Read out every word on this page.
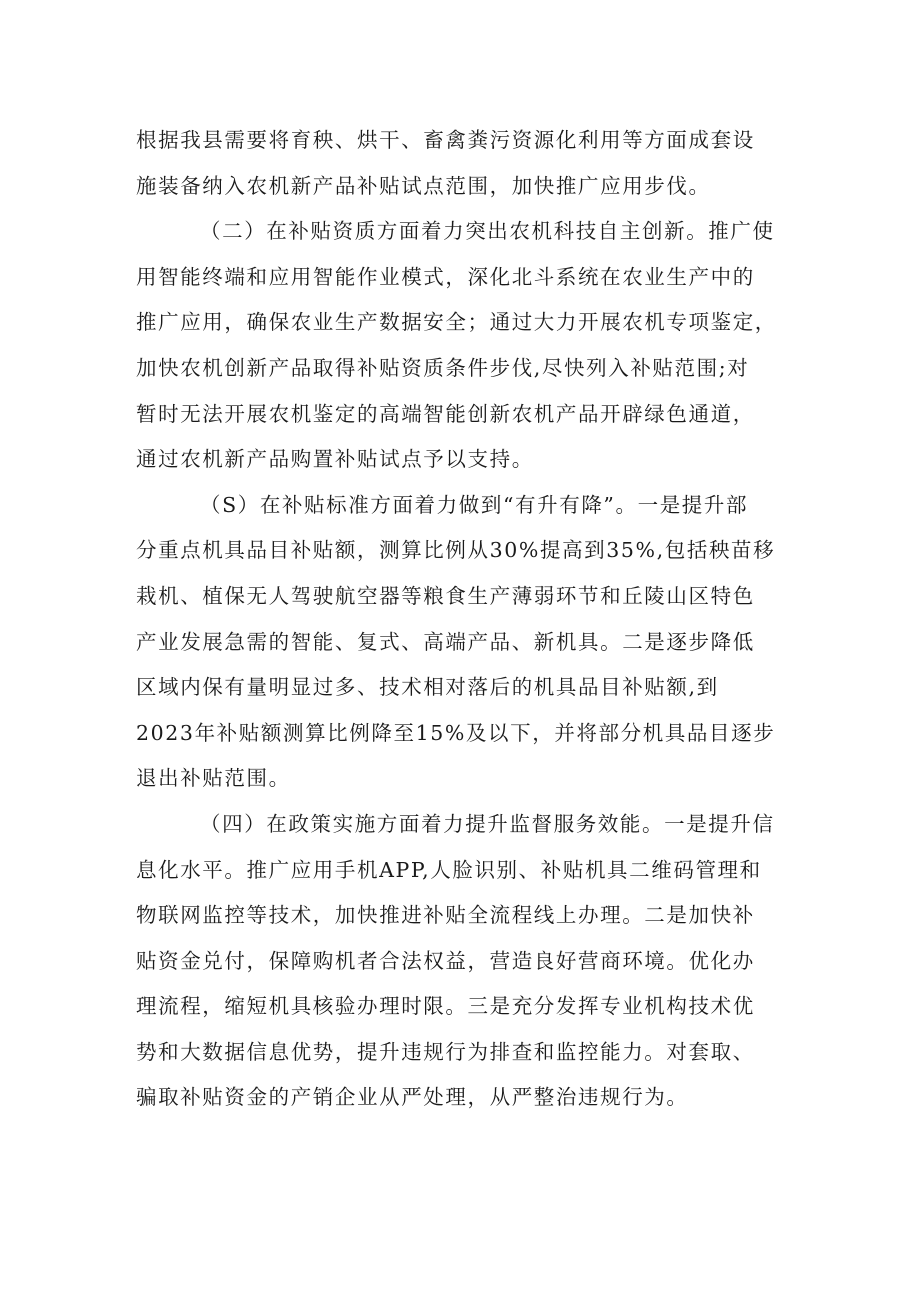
根据我县需要将育秧、烘干、畜禽粪污资源化利用等方面成套设
施装备纳入农机新产品补贴试点范围，加快推广应用步伐。

（二）在补贴资质方面着力突出农机科技自主创新。推广使
用智能终端和应用智能作业模式，深化北斗系统在农业生产中的
推广应用，确保农业生产数据安全；通过大力开展农机专项鉴定，
加快农机创新产品取得补贴资质条件步伐,尽快列入补贴范围;对
暂时无法开展农机鉴定的高端智能创新农机产品开辟绿色通道，
通过农机新产品购置补贴试点予以支持。

（S）在补贴标准方面着力做到“有升有降”。一是提升部
分重点机具品目补贴额，测算比例从30%提高到35%,包括秧苗移
栽机、植保无人驾驶航空器等粮食生产薄弱环节和丘陵山区特色
产业发展急需的智能、复式、高端产品、新机具。二是逐步降低
区域内保有量明显过多、技术相对落后的机具品目补贴额,到
2023年补贴额测算比例降至15%及以下，并将部分机具品目逐步
退出补贴范围。

（四）在政策实施方面着力提升监督服务效能。一是提升信
息化水平。推广应用手机APP,人脸识别、补贴机具二维码管理和
物联网监控等技术，加快推进补贴全流程线上办理。二是加快补
贴资金兑付，保障购机者合法权益，营造良好营商环境。优化办
理流程，缩短机具核验办理时限。三是充分发挥专业机构技术优
势和大数据信息优势，提升违规行为排查和监控能力。对套取、
骗取补贴资金的产销企业从严处理，从严整治违规行为。
